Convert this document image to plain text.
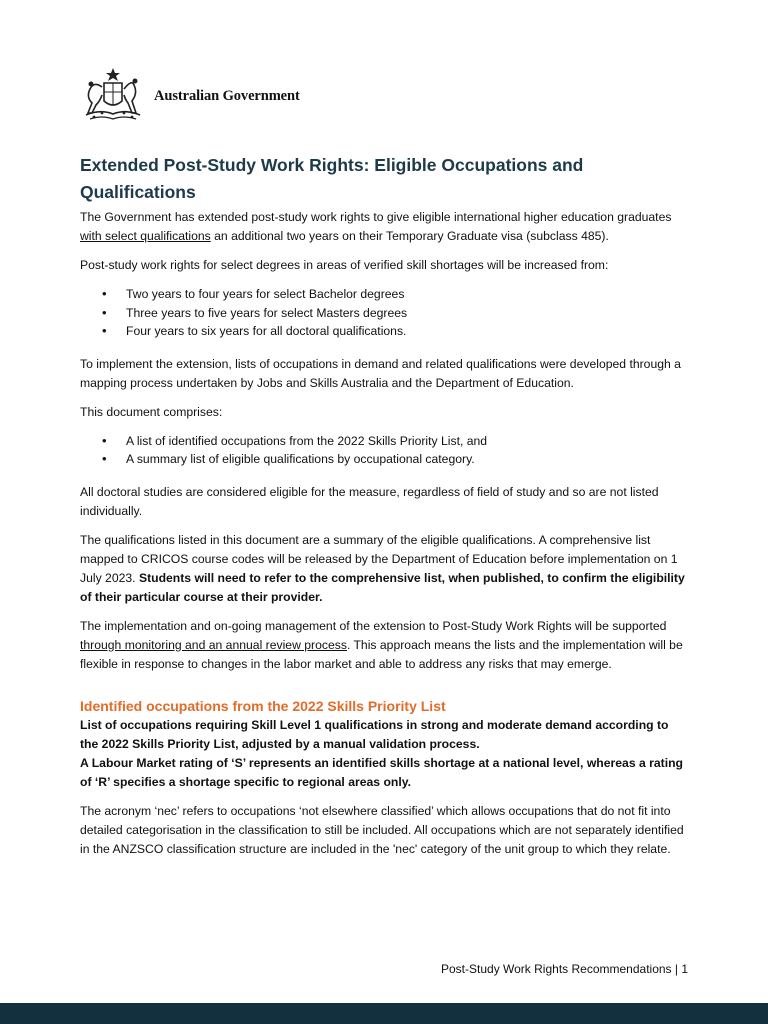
Australian Government
Extended Post-Study Work Rights: Eligible Occupations and Qualifications

The Government has extended post-study work rights to give eligible international higher education graduates with select qualifications an additional two years on their Temporary Graduate visa (subclass 485).

Post-study work rights for select degrees in areas of verified skill shortages will be increased from:

• Two years to four years for select Bachelor degrees
• Three years to five years for select Masters degrees
• Four years to six years for all doctoral qualifications.

To implement the extension, lists of occupations in demand and related qualifications were developed through a mapping process undertaken by Jobs and Skills Australia and the Department of Education.

This document comprises:

• A list of identified occupations from the 2022 Skills Priority List, and
• A summary list of eligible qualifications by occupational category.

All doctoral studies are considered eligible for the measure, regardless of field of study and so are not listed individually.

The qualifications listed in this document are a summary of the eligible qualifications. A comprehensive list mapped to CRICOS course codes will be released by the Department of Education before implementation on 1 July 2023. Students will need to refer to the comprehensive list, when published, to confirm the eligibility of their particular course at their provider.

The implementation and on-going management of the extension to Post-Study Work Rights will be supported through monitoring and an annual review process. This approach means the lists and the implementation will be flexible in response to changes in the labor market and able to address any risks that may emerge.

Identified occupations from the 2022 Skills Priority List

List of occupations requiring Skill Level 1 qualifications in strong and moderate demand according to the 2022 Skills Priority List, adjusted by a manual validation process.
A Labour Market rating of ‘S’ represents an identified skills shortage at a national level, whereas a rating of ‘R’ specifies a shortage specific to regional areas only.

The acronym ‘nec’ refers to occupations ‘not elsewhere classified’ which allows occupations that do not fit into detailed categorisation in the classification to still be included. All occupations which are not separately identified in the ANZSCO classification structure are included in the 'nec' category of the unit group to which they relate.

Post-Study Work Rights Recommendations | 1
